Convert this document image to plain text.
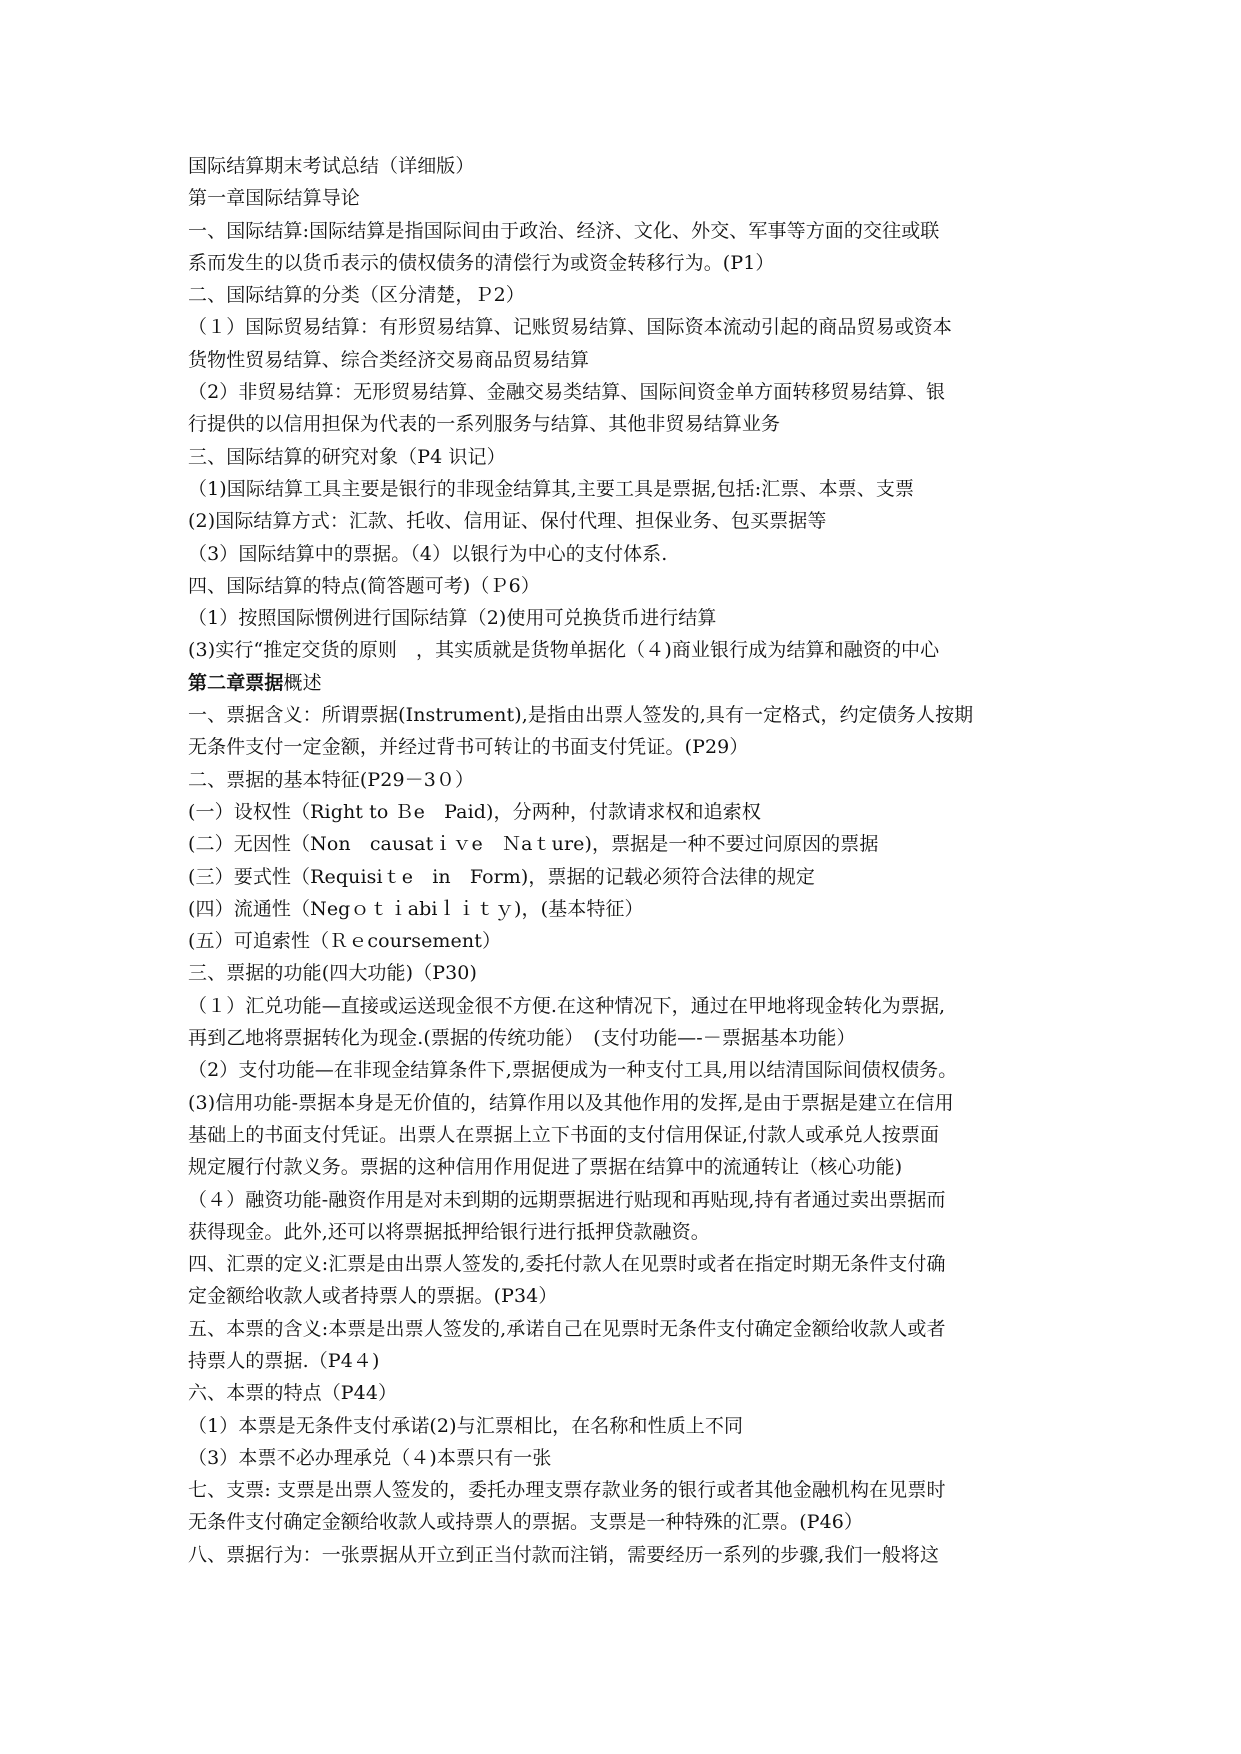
国际结算期末考试总结（详细版）
第一章国际结算导论
一、国际结算:国际结算是指国际间由于政治、经济、文化、外交、军事等方面的交往或联
系而发生的以货币表示的债权债务的清偿行为或资金转移行为。(P1）
二、国际结算的分类（区分清楚，Ｐ2）
（１）国际贸易结算：有形贸易结算、记账贸易结算、国际资本流动引起的商品贸易或资本
货物性贸易结算、综合类经济交易商品贸易结算
（2）非贸易结算：无形贸易结算、金融交易类结算、国际间资金单方面转移贸易结算、银
行提供的以信用担保为代表的一系列服务与结算、其他非贸易结算业务
三、国际结算的研究对象（P4 识记）
（1)国际结算工具主要是银行的非现金结算其,主要工具是票据,包括:汇票、本票、支票
(2)国际结算方式：汇款、托收、信用证、保付代理、担保业务、包买票据等
（3）国际结算中的票据。（4）以银行为中心的支付体系.
四、国际结算的特点(简答题可考)（Ｐ6）
（1）按照国际惯例进行国际结算（2)使用可兑换货币进行结算
(3)实行“推定交货的原则　，其实质就是货物单据化（４)商业银行成为结算和融资的中心
第二章票据概述
一、票据含义：所谓票据(Instrument),是指由出票人签发的,具有一定格式，约定债务人按期
无条件支付一定金额，并经过背书可转让的书面支付凭证。(P29）
二、票据的基本特征(P29－3０）
(一）设权性（Right to Ｂe　Paid)，分两种，付款请求权和追索权
(二）无因性（Non　causatｉｖe　Ｎaｔure)，票据是一种不要过问原因的票据
(三）要式性（Requisiｔe　in　Form)，票据的记载必须符合法律的规定
(四）流通性（Negｏｔｉabiｌｉｔｙ)，(基本特征）
(五）可追索性（Ｒｅcoursement）
三、票据的功能(四大功能)（P30)
（１）汇兑功能—直接或运送现金很不方便.在这种情况下，通过在甲地将现金转化为票据,
再到乙地将票据转化为现金.(票据的传统功能）　(支付功能—-－票据基本功能）
（2）支付功能—在非现金结算条件下,票据便成为一种支付工具,用以结清国际间债权债务。
(3)信用功能-票据本身是无价值的，结算作用以及其他作用的发挥,是由于票据是建立在信用
基础上的书面支付凭证。出票人在票据上立下书面的支付信用保证,付款人或承兑人按票面
规定履行付款义务。票据的这种信用作用促进了票据在结算中的流通转让（核心功能)
（４）融资功能-融资作用是对未到期的远期票据进行贴现和再贴现,持有者通过卖出票据而
获得现金。此外,还可以将票据抵押给银行进行抵押贷款融资。
四、汇票的定义:汇票是由出票人签发的,委托付款人在见票时或者在指定时期无条件支付确
定金额给收款人或者持票人的票据。(P34）
五、本票的含义:本票是出票人签发的,承诺自己在见票时无条件支付确定金额给收款人或者
持票人的票据.（P4４)
六、本票的特点（P44）
（1）本票是无条件支付承诺(2)与汇票相比，在名称和性质上不同
（3）本票不必办理承兑（４)本票只有一张
七、支票: 支票是出票人签发的，委托办理支票存款业务的银行或者其他金融机构在见票时
无条件支付确定金额给收款人或持票人的票据。支票是一种特殊的汇票。(P46）
八、票据行为：一张票据从开立到正当付款而注销，需要经历一系列的步骤,我们一般将这
